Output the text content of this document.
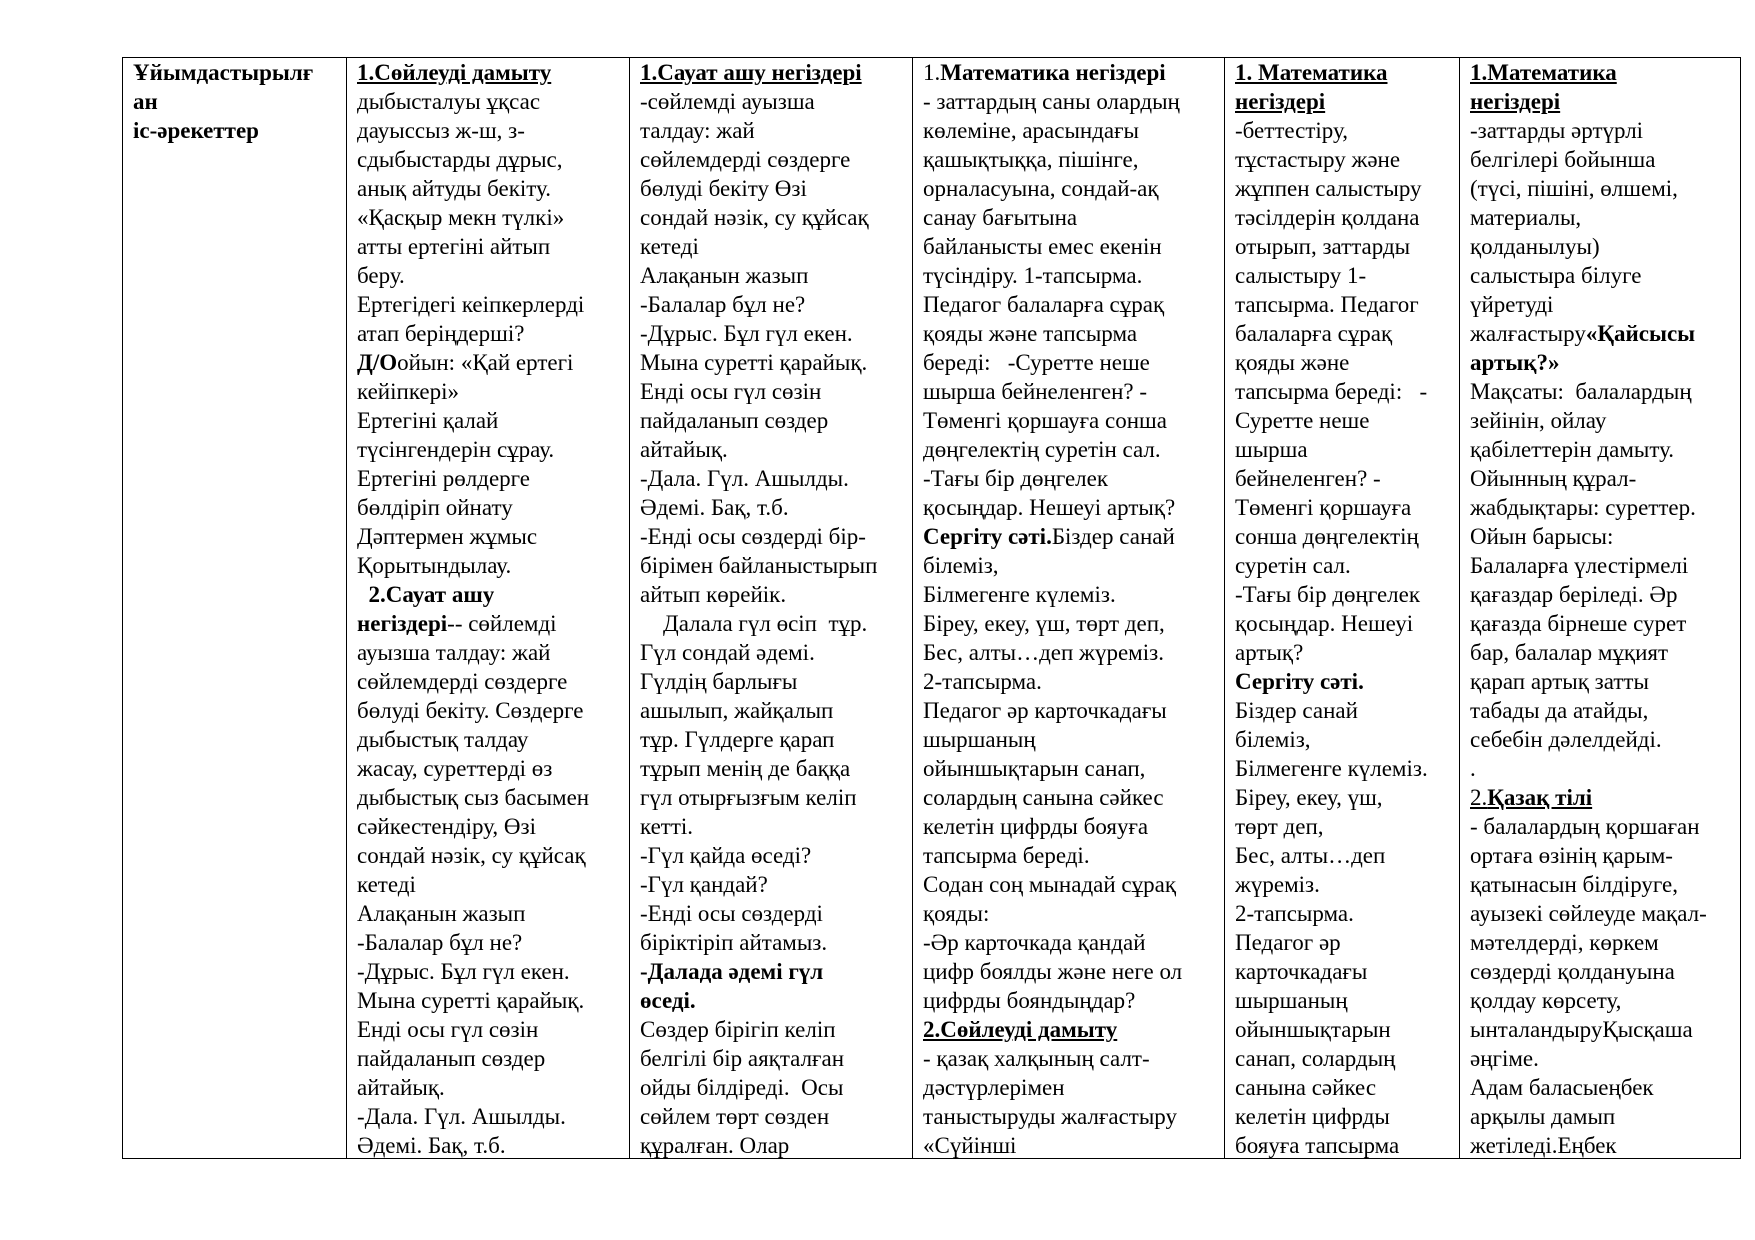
Ұйымдастырылғ
ан
іс-әрекеттер

1.Сөйлеуді дамыту
дыбысталуы ұқсас
дауыссыз ж-ш, з-
сдыбыстарды дұрыс,
анық айтуды бекіту.
«Қасқыр мекн түлкі»
атты ертегіні айтып
беру.
Ертегідегі кеіпкерлерді
атап беріңдерші?
Д/Оойын: «Қай ертегі
кейіпкері»
Ертегіні қалай
түсінгендерін сұрау.
Ертегіні рөлдерге
бөлдіріп ойнату
Дәптермен жұмыс
Қорытындылау.
2.Сауат ашу
негіздері-- сөйлемді
ауызша талдау: жай
сөйлемдерді сөздерге
бөлуді бекіту. Сөздерге
дыбыстық талдау
жасау, суреттерді өз
дыбыстық сыз басымен
сәйкестендіру, Өзі
сондай нәзік, су құйсақ
кетеді
Алақанын жазып
-Балалар бұл не?
-Дұрыс. Бұл гүл екен.
Мына суретті қарайық.
Енді осы гүл сөзін
пайдаланып сөздер
айтайық.
-Дала. Гүл. Ашылды.
Әдемі. Бақ, т.б.

1.Сауат ашу негіздері
-сөйлемді ауызша
талдау: жай
сөйлемдерді сөздерге
бөлуді бекіту Өзі
сондай нәзік, су құйсақ
кетеді
Алақанын жазып
-Балалар бұл не?
-Дұрыс. Бұл гүл екен.
Мына суретті қарайық.
Енді осы гүл сөзін
пайдаланып сөздер
айтайық.
-Дала. Гүл. Ашылды.
Әдемі. Бақ, т.б.
-Енді осы сөздерді бір-
бірімен байланыстырып
айтып көрейік.
Далала гүл өсіп  тұр.
Гүл сондай әдемі.
Гүлдің барлығы
ашылып, жайқалып
тұр. Гүлдерге қарап
тұрып менің де баққа
гүл отырғызғым келіп
кетті.
-Гүл қайда өседі?
-Гүл қандай?
-Енді осы сөздерді
біріктіріп айтамыз.
-Далада әдемі гүл
өседі.
Сөздер бірігіп келіп
белгілі бір аяқталған
ойды білдіреді.  Осы
сөйлем төрт сөзден
құралған. Олар

1.Математика негіздері
- заттардың саны олардың
көлеміне, арасындағы
қашықтыққа, пішінге,
орналасуына, сондай-ақ
санау бағытына
байланысты емес екенін
түсіндіру. 1-тапсырма.
Педагог балаларға сұрақ
қояды және тапсырма
береді:   -Суретте неше
шырша бейнеленген? -
Төменгі қоршауға сонша
дөңгелектің суретін сал.
-Тағы бір дөңгелек
қосыңдар. Нешеуі артық?
Сергіту сәті.Біздер санай
білеміз,
Білмегенге күлеміз.
Біреу, екеу, үш, төрт деп,
Бес, алты…деп жүреміз.
2-тапсырма.
Педагог әр карточкадағы
шыршаның
ойыншықтарын санап,
солардың санына сәйкес
келетін цифрды бояуға
тапсырма береді.
Содан соң мынадай сұрақ
қояды:
-Әр карточкада қандай
цифр боялды және неге ол
цифрды бояндыңдар?
2.Сөйлеуді дамыту
- қазақ халқының салт-
дәстүрлерімен
таныстыруды жалғастыру
«Сүйінші

1. Математика
негіздері
-беттестіру,
тұстастыру және
жұппен салыстыру
тәсілдерін қолдана
отырып, заттарды
салыстыру 1-
тапсырма. Педагог
балаларға сұрақ
қояды және
тапсырма береді:   -
Суретте неше
шырша
бейнеленген? -
Төменгі қоршауға
сонша дөңгелектің
суретін сал.
-Тағы бір дөңгелек
қосыңдар. Нешеуі
артық?
Сергіту сәті.
Біздер санай
білеміз,
Білмегенге күлеміз.
Біреу, екеу, үш,
төрт деп,
Бес, алты…деп
жүреміз.
2-тапсырма.
Педагог әр
карточкадағы
шыршаның
ойыншықтарын
санап, солардың
санына сәйкес
келетін цифрды
бояуға тапсырма

1.Математика
негіздері
-заттарды әртүрлі
белгілері бойынша
(түсі, пішіні, өлшемі,
материалы,
қолданылуы)
салыстыра білуге
үйретуді
жалғастыру«Қайсысы
артық?»
Мақсаты:  балалардың
зейінін, ойлау
қабілеттерін дамыту.
Ойынның құрал-
жабдықтары: суреттер.
Ойын барысы:
Балаларға үлестірмелі
қағаздар беріледі. Әр
қағазда бірнеше сурет
бар, балалар мұқият
қарап артық затты
табады да атайды,
себебін дәлелдейді.
.
2.Қазақ тілі
- балалардың қоршаған
ортаға өзінің қарым-
қатынасын білдіруге,
ауызекі сөйлеуде мақал-
мәтелдерді, көркем
сөздерді қолдануына
қолдау көрсету,
ынталандыруҚысқаша
әңгіме.
Адам баласыеңбек
арқылы дамып
жетіледі.Еңбек
